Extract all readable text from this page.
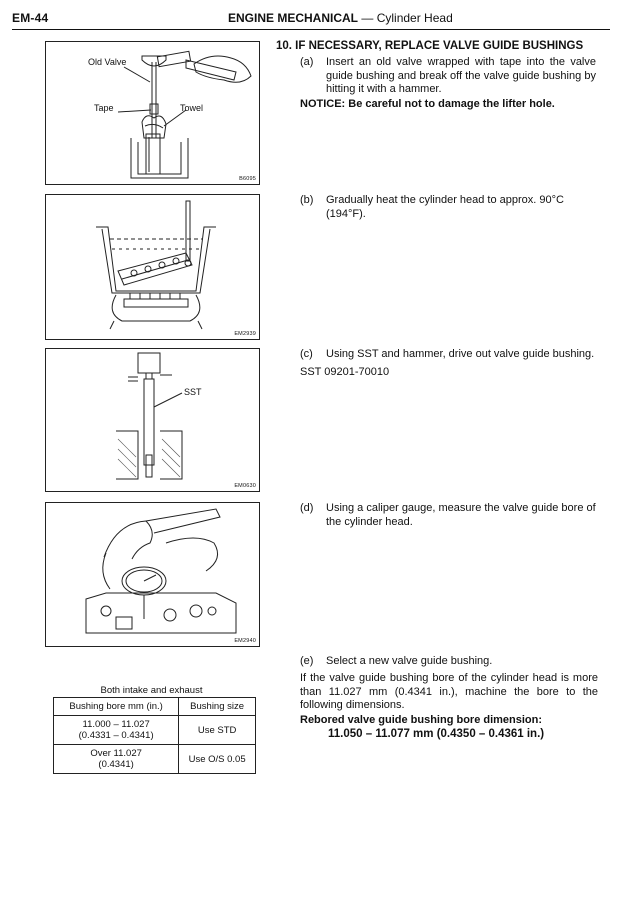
EM-44	ENGINE MECHANICAL — Cylinder Head
Old Valve
Tape	Towel
B6095
EM2939
SST
EM0630
EM2940
10. IF NECESSARY, REPLACE VALVE GUIDE BUSHINGS
(a)	Insert an old valve wrapped with tape into the valve guide bushing and break off the valve guide bushing by hitting it with a hammer.
NOTICE: Be careful not to damage the lifter hole.
(b)	Gradually heat the cylinder head to approx. 90°C (194°F).
(c)	Using SST and hammer, drive out valve guide bushing.
SST 09201-70010
(d)	Using a caliper gauge, measure the valve guide bore of the cylinder head.
(e)	Select a new valve guide bushing.
If the valve guide bushing bore of the cylinder head is more than 11.027 mm (0.4341 in.), machine the bore to the following dimensions.
Rebored valve guide bushing bore dimension:
11.050 – 11.077 mm (0.4350 – 0.4361 in.)
Both intake and exhaust
Bushing bore mm (in.)	Bushing size

11.000 – 11.027
(0.4331 – 0.4341)	Use STD

Over 11.027
(0.4341)	Use O/S 0.05
